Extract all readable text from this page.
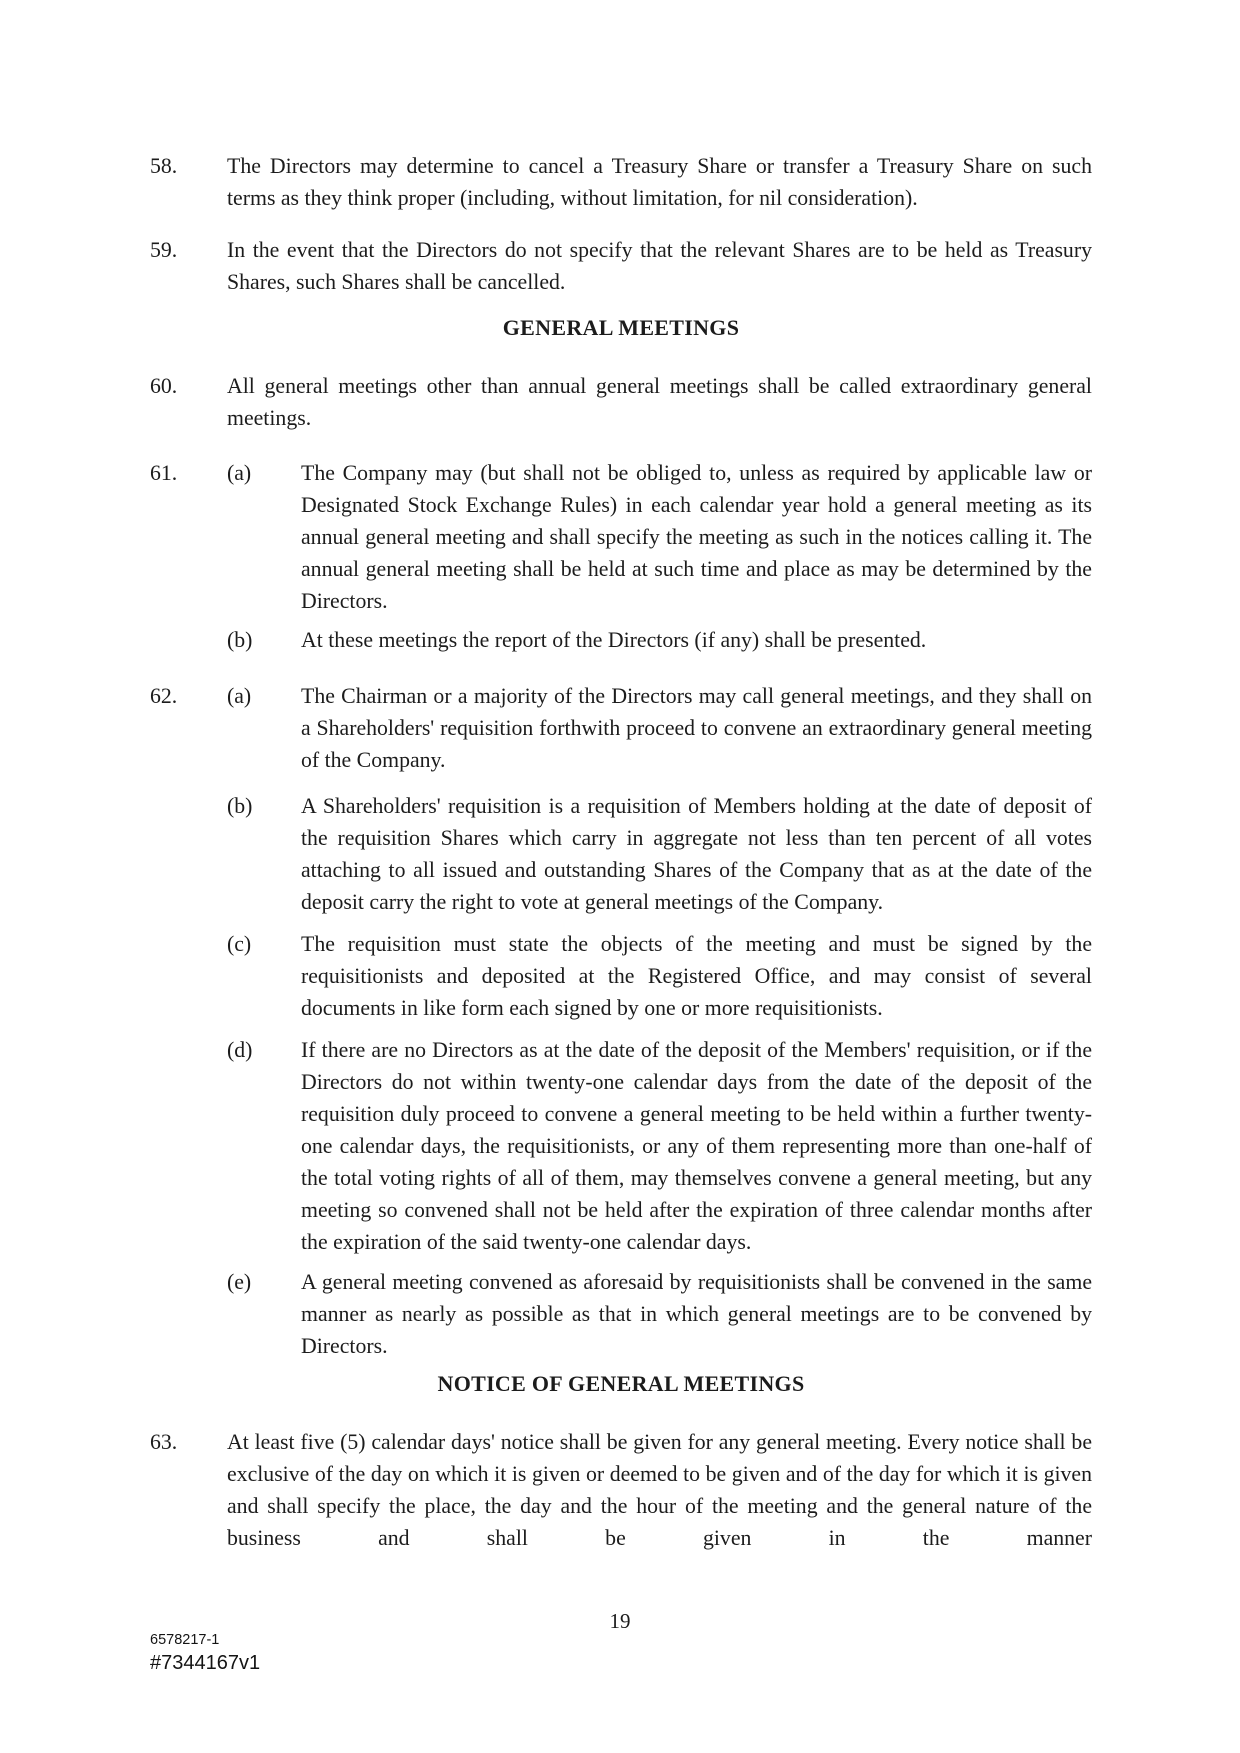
58. The Directors may determine to cancel a Treasury Share or transfer a Treasury Share on such terms as they think proper (including, without limitation, for nil consideration).
59. In the event that the Directors do not specify that the relevant Shares are to be held as Treasury Shares, such Shares shall be cancelled.
GENERAL MEETINGS
60. All general meetings other than annual general meetings shall be called extraordinary general meetings.
61. (a) The Company may (but shall not be obliged to, unless as required by applicable law or Designated Stock Exchange Rules) in each calendar year hold a general meeting as its annual general meeting and shall specify the meeting as such in the notices calling it. The annual general meeting shall be held at such time and place as may be determined by the Directors.
(b) At these meetings the report of the Directors (if any) shall be presented.
62. (a) The Chairman or a majority of the Directors may call general meetings, and they shall on a Shareholders' requisition forthwith proceed to convene an extraordinary general meeting of the Company.
(b) A Shareholders' requisition is a requisition of Members holding at the date of deposit of the requisition Shares which carry in aggregate not less than ten percent of all votes attaching to all issued and outstanding Shares of the Company that as at the date of the deposit carry the right to vote at general meetings of the Company.
(c) The requisition must state the objects of the meeting and must be signed by the requisitionists and deposited at the Registered Office, and may consist of several documents in like form each signed by one or more requisitionists.
(d) If there are no Directors as at the date of the deposit of the Members' requisition, or if the Directors do not within twenty-one calendar days from the date of the deposit of the requisition duly proceed to convene a general meeting to be held within a further twenty-one calendar days, the requisitionists, or any of them representing more than one-half of the total voting rights of all of them, may themselves convene a general meeting, but any meeting so convened shall not be held after the expiration of three calendar months after the expiration of the said twenty-one calendar days.
(e) A general meeting convened as aforesaid by requisitionists shall be convened in the same manner as nearly as possible as that in which general meetings are to be convened by Directors.
NOTICE OF GENERAL MEETINGS
63. At least five (5) calendar days' notice shall be given for any general meeting. Every notice shall be exclusive of the day on which it is given or deemed to be given and of the day for which it is given and shall specify the place, the day and the hour of the meeting and the general nature of the business and shall be given in the manner
19
6578217-1
#7344167v1
